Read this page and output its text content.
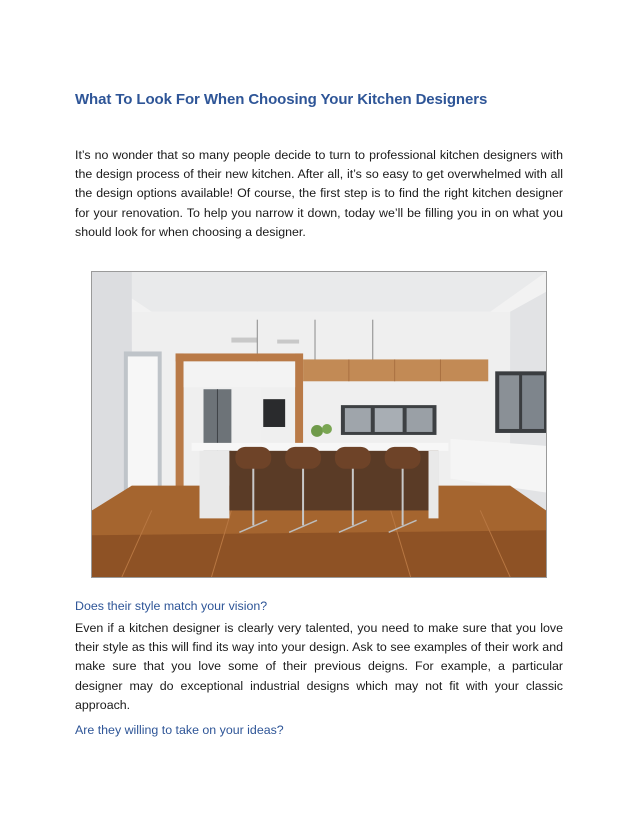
What To Look For When Choosing Your Kitchen Designers

It’s no wonder that so many people decide to turn to professional kitchen designers with the design process of their new kitchen. After all, it’s so easy to get overwhelmed with all the design options available! Of course, the first step is to find the right kitchen designer for your renovation. To help you narrow it down, today we’ll be filling you in on what you should look for when choosing a designer.

Does their style match your vision?

Even if a kitchen designer is clearly very talented, you need to make sure that you love their style as this will find its way into your design. Ask to see examples of their work and make sure that you love some of their previous deigns. For example, a particular designer may do exceptional industrial designs which may not fit with your classic approach.

Are they willing to take on your ideas?
